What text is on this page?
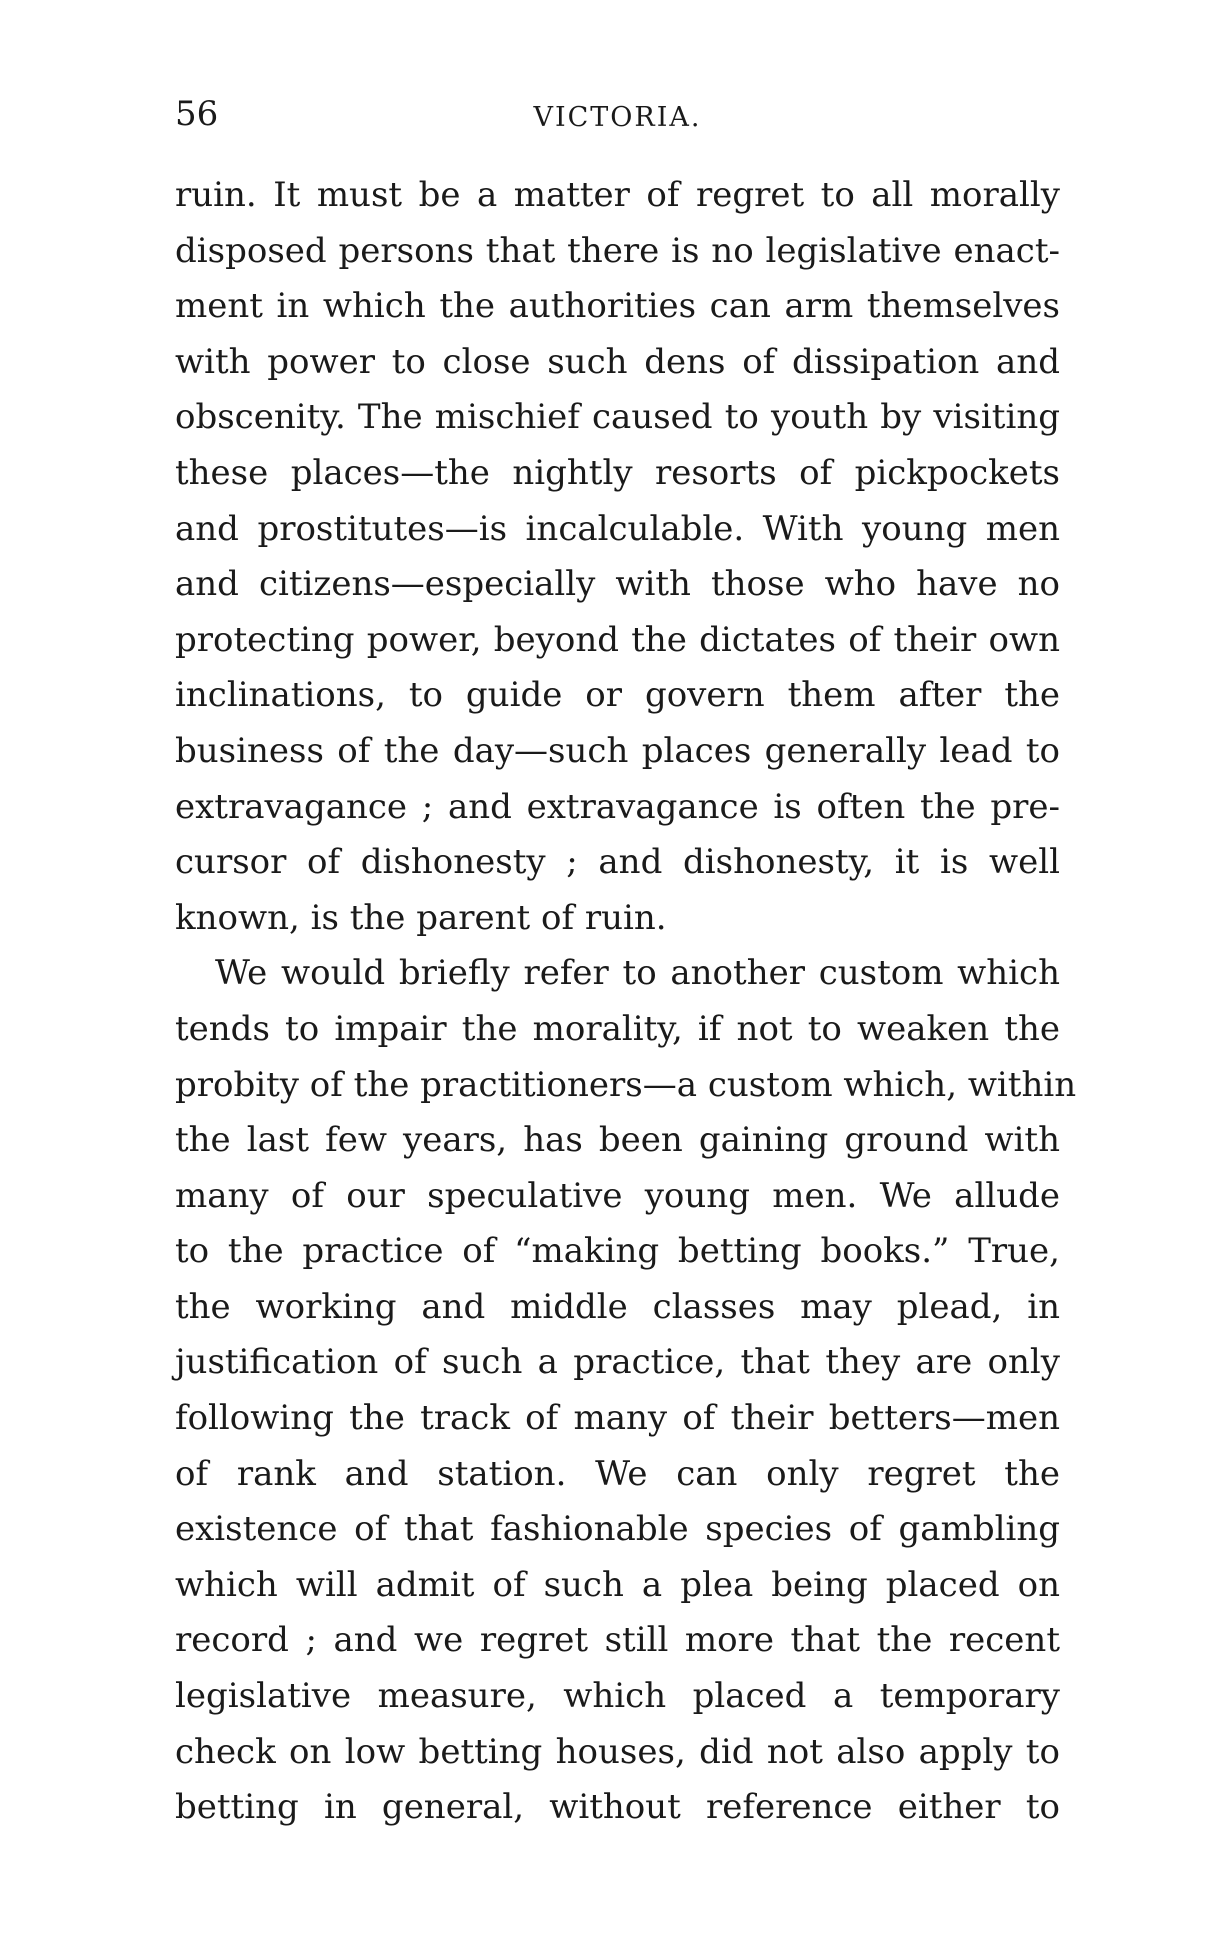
56	VICTORIA.
ruin. It must be a matter of regret to all morally
disposed persons that there is no legislative enact-
ment in which the authorities can arm themselves
with power to close such dens of dissipation and
obscenity. The mischief caused to youth by visiting
these places—the nightly resorts of pickpockets
and prostitutes—is incalculable. With young men
and citizens—especially with those who have no
protecting power, beyond the dictates of their own
inclinations, to guide or govern them after the
business of the day—such places generally lead to
extravagance ; and extravagance is often the pre-
cursor of dishonesty ; and dishonesty, it is well
known, is the parent of ruin.
We would briefly refer to another custom which
tends to impair the morality, if not to weaken the
probity of the practitioners—a custom which, within
the last few years, has been gaining ground with
many of our speculative young men. We allude
to the practice of “making betting books.” True,
the working and middle classes may plead, in
justification of such a practice, that they are only
following the track of many of their betters—men
of rank and station. We can only regret the
existence of that fashionable species of gambling
which will admit of such a plea being placed on
record ; and we regret still more that the recent
legislative measure, which placed a temporary
check on low betting houses, did not also apply to
betting in general, without reference either to
